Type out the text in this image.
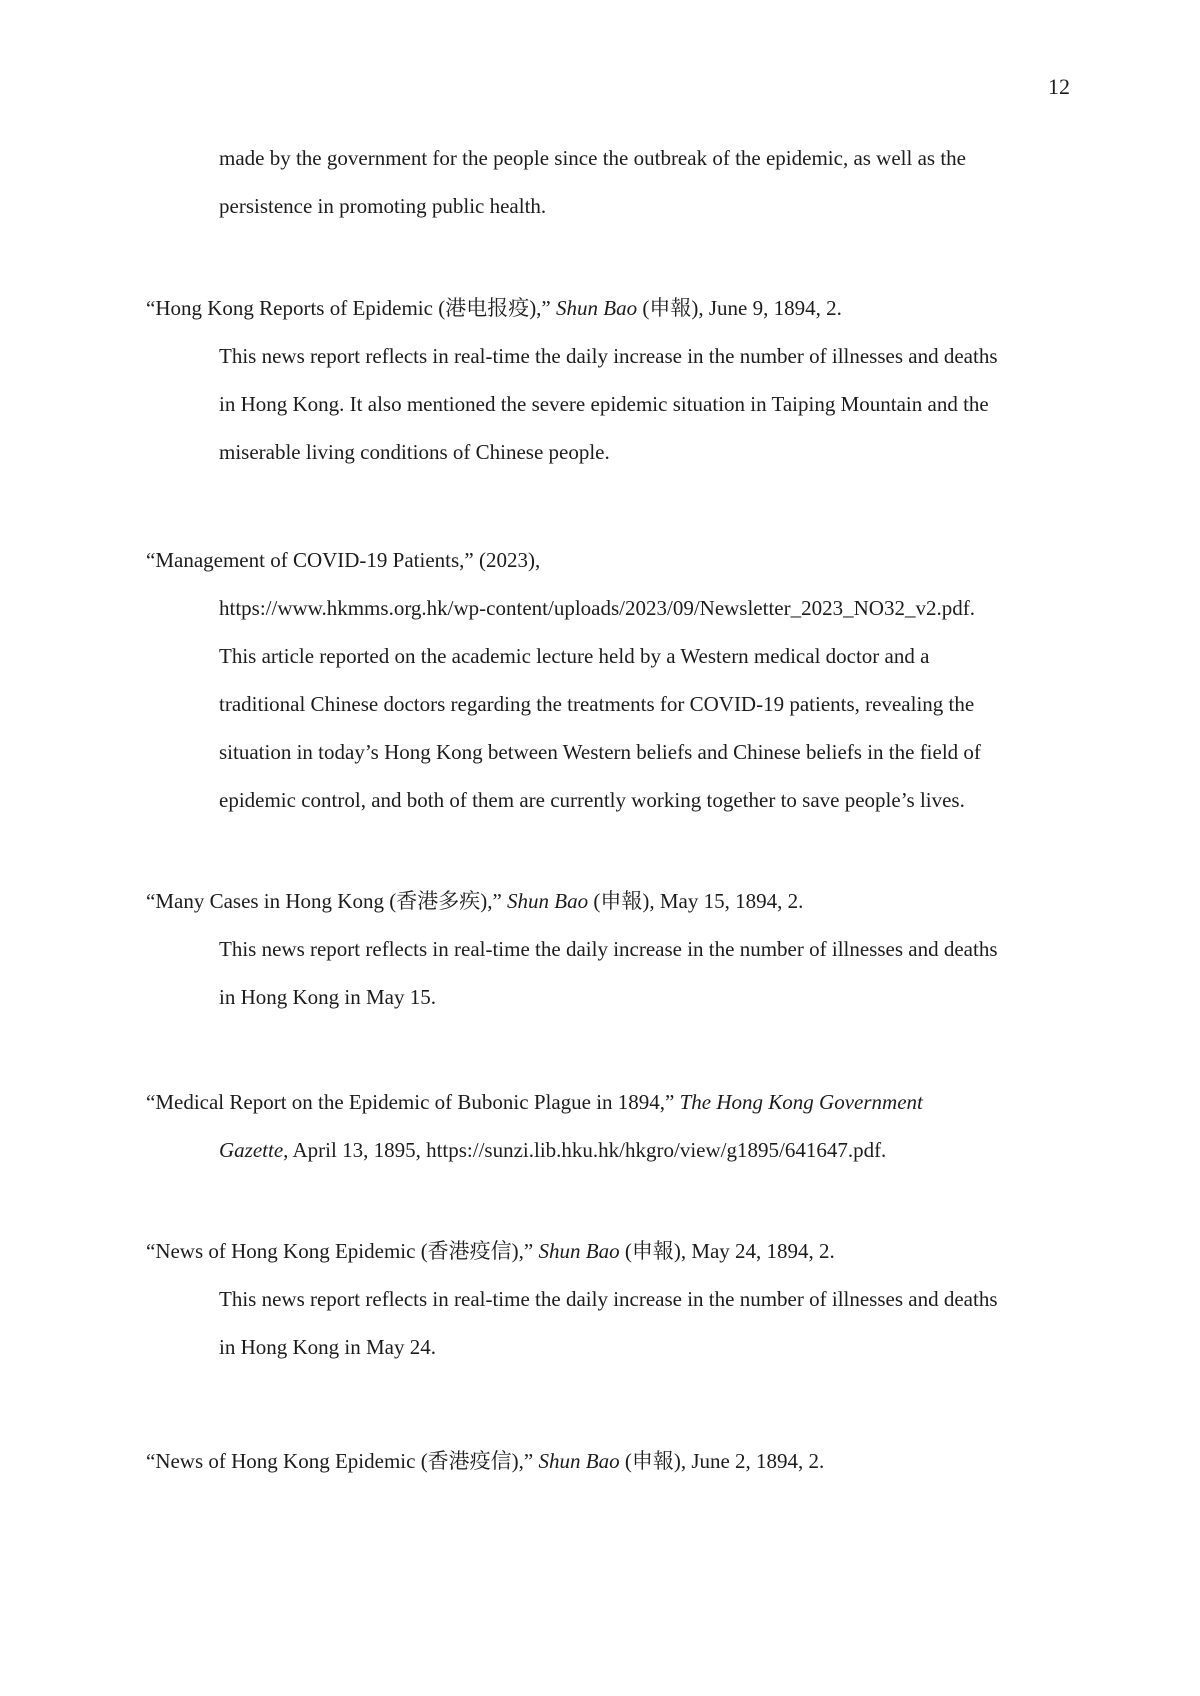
12

made by the government for the people since the outbreak of the epidemic, as well as the

persistence in promoting public health.

“Hong Kong Reports of Epidemic (港电报疫),” Shun Bao (申報), June 9, 1894, 2.

This news report reflects in real-time the daily increase in the number of illnesses and deaths

in Hong Kong. It also mentioned the severe epidemic situation in Taiping Mountain and the

miserable living conditions of Chinese people.

“Management of COVID-19 Patients,” (2023),

https://www.hkmms.org.hk/wp-content/uploads/2023/09/Newsletter_2023_NO32_v2.pdf.

This article reported on the academic lecture held by a Western medical doctor and a

traditional Chinese doctors regarding the treatments for COVID-19 patients, revealing the

situation in today’s Hong Kong between Western beliefs and Chinese beliefs in the field of

epidemic control, and both of them are currently working together to save people’s lives.

“Many Cases in Hong Kong (香港多疾),” Shun Bao (申報), May 15, 1894, 2.

This news report reflects in real-time the daily increase in the number of illnesses and deaths

in Hong Kong in May 15.

“Medical Report on the Epidemic of Bubonic Plague in 1894,” The Hong Kong Government

Gazette, April 13, 1895, https://sunzi.lib.hku.hk/hkgro/view/g1895/641647.pdf.

“News of Hong Kong Epidemic (香港疫信),” Shun Bao (申報), May 24, 1894, 2.

This news report reflects in real-time the daily increase in the number of illnesses and deaths

in Hong Kong in May 24.

“News of Hong Kong Epidemic (香港疫信),” Shun Bao (申報), June 2, 1894, 2.
